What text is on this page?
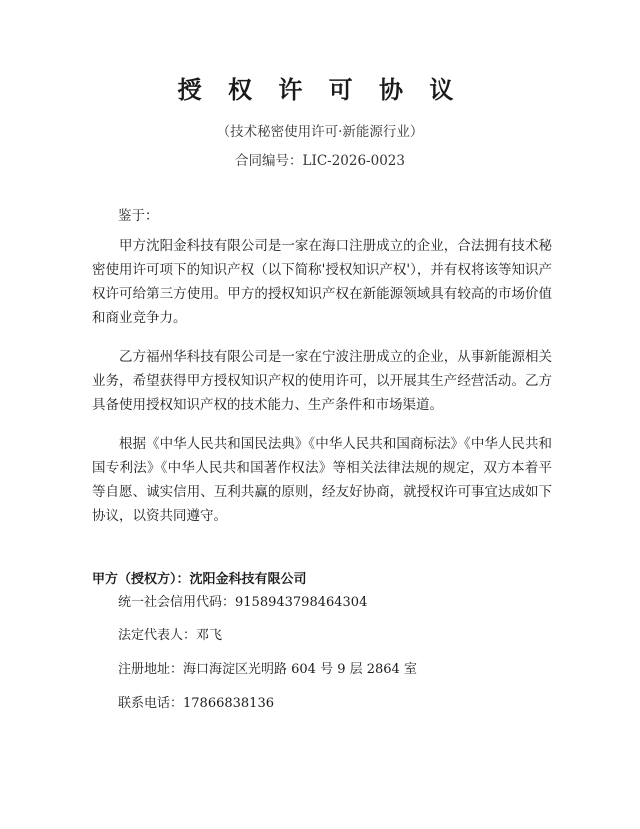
授 权 许 可 协 议
（技术秘密使用许可·新能源行业）
合同编号：LIC-2026-0023
鉴于：

甲方沈阳金科技有限公司是一家在海口注册成立的企业，合法拥有技术秘密使用许可项下的知识产权（以下简称'授权知识产权'），并有权将该等知识产权许可给第三方使用。甲方的授权知识产权在新能源领域具有较高的市场价值和商业竞争力。

乙方福州华科技有限公司是一家在宁波注册成立的企业，从事新能源相关业务，希望获得甲方授权知识产权的使用许可，以开展其生产经营活动。乙方具备使用授权知识产权的技术能力、生产条件和市场渠道。

根据《中华人民共和国民法典》《中华人民共和国商标法》《中华人民共和国专利法》《中华人民共和国著作权法》等相关法律法规的规定，双方本着平等自愿、诚实信用、互利共赢的原则，经友好协商，就授权许可事宜达成如下协议，以资共同遵守。

甲方（授权方）：沈阳金科技有限公司
统一社会信用代码：915894379846430​4
法定代表人：邓飞
注册地址：海口海淀区光明路 604 号 9 层 2864 室
联系电话：17866838136
